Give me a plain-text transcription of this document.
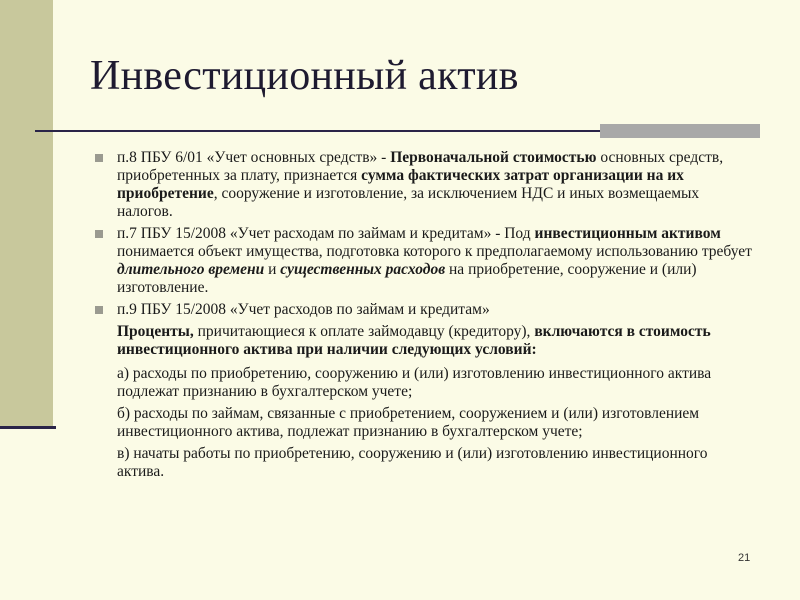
Инвестиционный актив
п.8 ПБУ 6/01 «Учет основных средств» - Первоначальной стоимостью основных средств, приобретенных за плату, признается сумма фактических затрат организации на их приобретение, сооружение и изготовление, за исключением НДС и иных возмещаемых налогов.
п.7 ПБУ 15/2008 «Учет расходам по займам и кредитам» - Под инвестиционным активом понимается объект имущества, подготовка которого к предполагаемому использованию требует длительного времени и существенных расходов на приобретение, сооружение и (или) изготовление.
п.9 ПБУ 15/2008 «Учет расходов по займам и кредитам»
Проценты, причитающиеся к оплате займодавцу (кредитору), включаются в стоимость инвестиционного актива при наличии следующих условий:
а) расходы по приобретению, сооружению и (или) изготовлению инвестиционного актива подлежат признанию в бухгалтерском учете;
б) расходы по займам, связанные с приобретением, сооружением и (или) изготовлением инвестиционного актива, подлежат признанию в бухгалтерском учете;
в) начаты работы по приобретению, сооружению и (или) изготовлению инвестиционного актива.
21
